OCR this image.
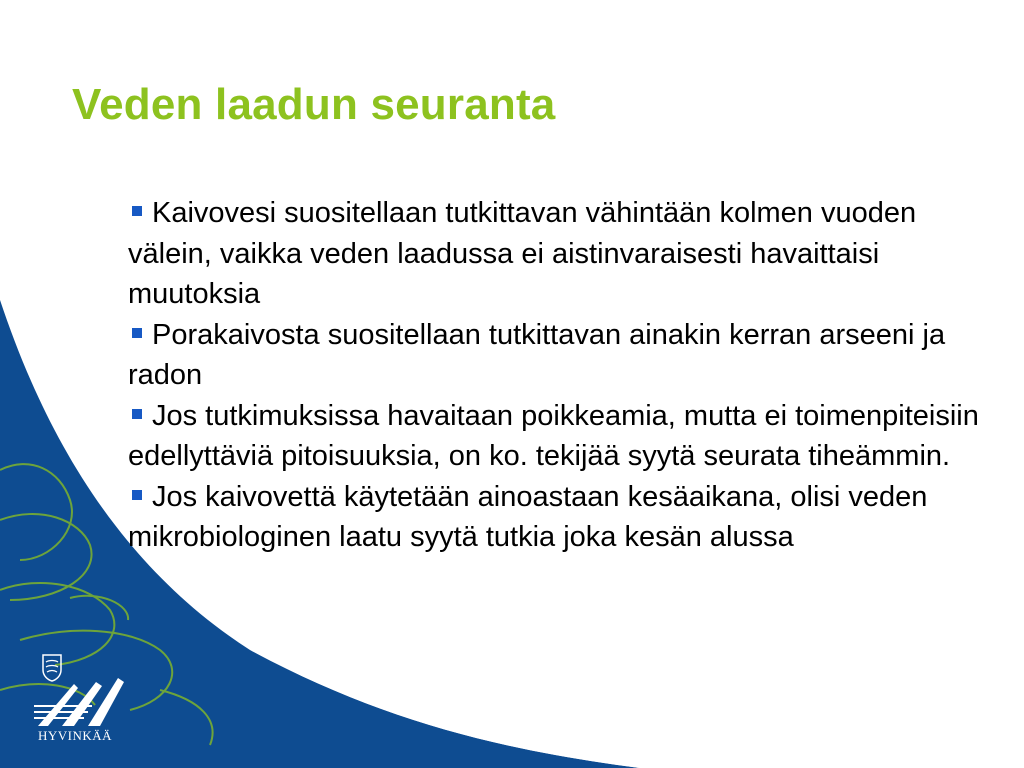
Veden laadun seuranta
Kaivovesi suositellaan tutkittavan vähintään kolmen vuoden välein, vaikka veden laadussa ei aistinvaraisesti havaittaisi muutoksia
Porakaivosta suositellaan tutkittavan ainakin kerran arseeni ja radon
Jos tutkimuksissa havaitaan poikkeamia, mutta ei toimenpiteisiin edellyttäviä pitoisuuksia, on ko. tekijää syytä seurata tiheämmin.
Jos kaivovettä käytetään ainoastaan kesäaikana, olisi veden mikrobiologinen laatu syytä tutkia joka kesän alussa
HYVINKÄÄ
